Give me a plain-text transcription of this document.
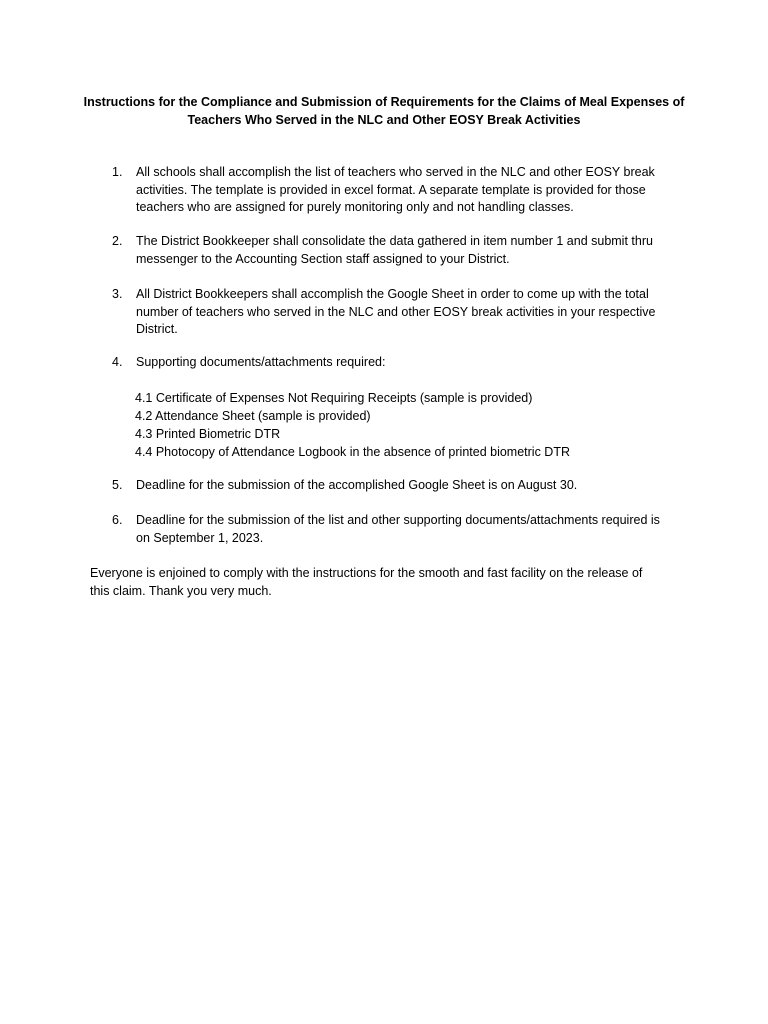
Instructions for the Compliance and Submission of Requirements for the Claims of Meal Expenses of
Teachers Who Served in the NLC and Other EOSY Break Activities
1.	All schools shall accomplish the list of teachers who served in the NLC and other EOSY break
activities. The template is provided in excel format. A separate template is provided for those
teachers who are assigned for purely monitoring only and not handling classes.
2.	The District Bookkeeper shall consolidate the data gathered in item number 1 and submit thru
messenger to the Accounting Section staff assigned to your District.
3.	All District Bookkeepers shall accomplish the Google Sheet in order to come up with the total
number of teachers who served in the NLC and other EOSY break activities in your respective
District.
4.	Supporting documents/attachments required:
4.1 Certificate of Expenses Not Requiring Receipts (sample is provided)
4.2 Attendance Sheet (sample is provided)
4.3 Printed Biometric DTR
4.4 Photocopy of Attendance Logbook in the absence of printed biometric DTR
5.	Deadline for the submission of the accomplished Google Sheet is on August 30.
6.	Deadline for the submission of the list and other supporting documents/attachments required is
on September 1, 2023.
Everyone is enjoined to comply with the instructions for the smooth and fast facility on the release of
this claim. Thank you very much.
